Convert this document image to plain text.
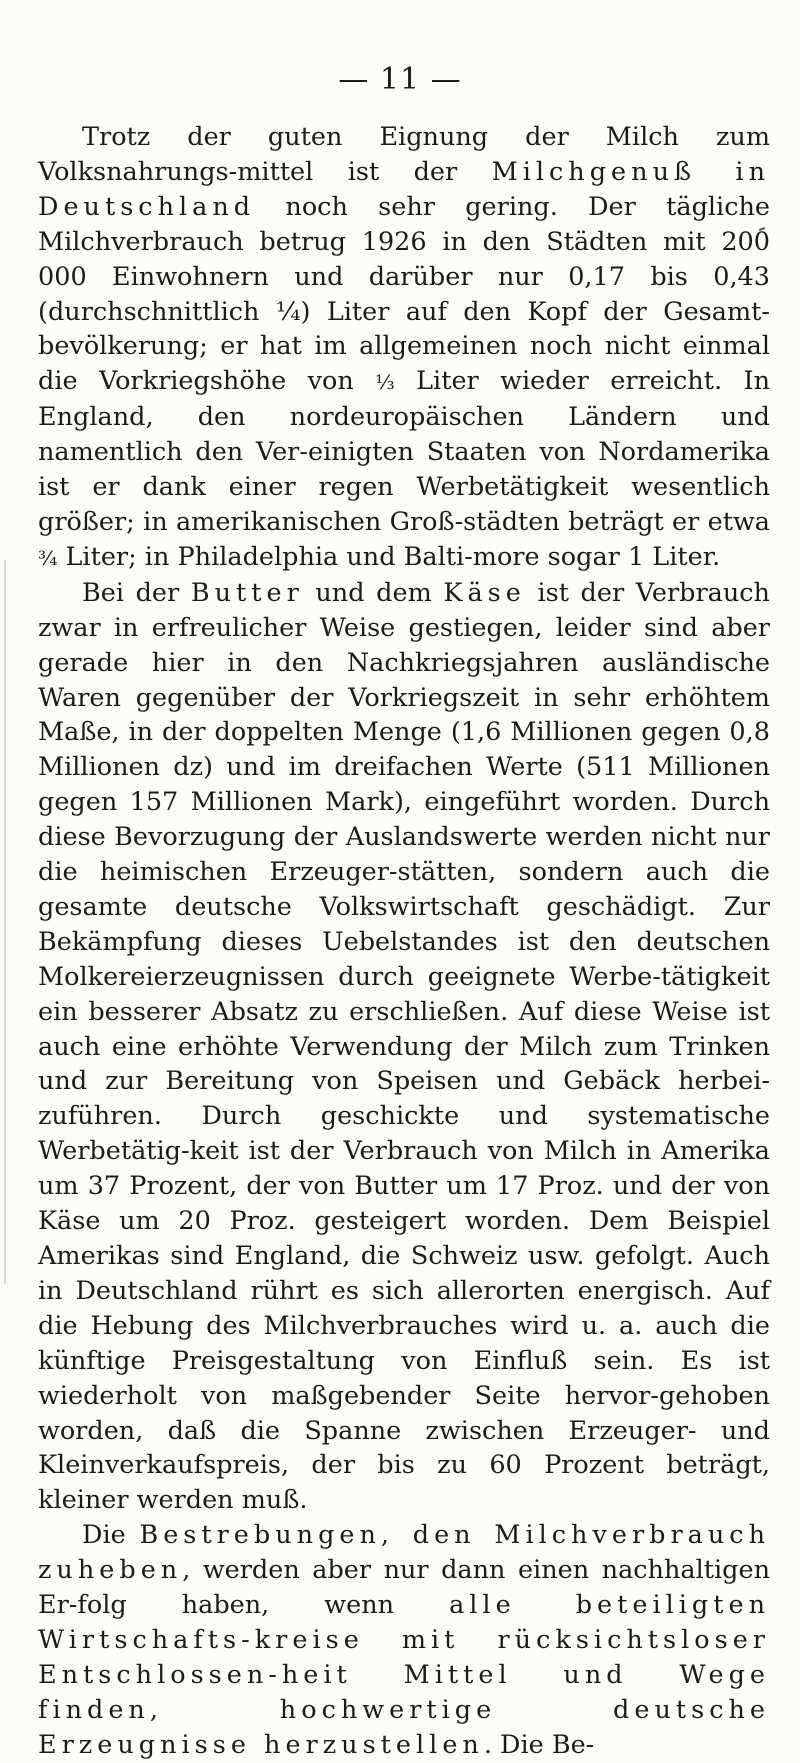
— 11 —

Trotz der guten Eignung der Milch zum Volksnahrungs-mittel ist der Milchgenuß in Deutschland noch sehr gering. Der tägliche Milchverbrauch betrug 1926 in den Städten mit 200 000 Einwohnern und darüber nur 0,17 bis 0,43 (durchschnittlich ¼) Liter auf den Kopf der Gesamt-bevölkerung; er hat im allgemeinen noch nicht einmal die Vorkriegshöhe von ⅓ Liter wieder erreicht. In England, den nordeuropäischen Ländern und namentlich den Ver-einigten Staaten von Nordamerika ist er dank einer regen Werbetätigkeit wesentlich größer; in amerikanischen Groß-städten beträgt er etwa ¾ Liter; in Philadelphia und Balti-more sogar 1 Liter.

Bei der Butter und dem Käse ist der Verbrauch zwar in erfreulicher Weise gestiegen, leider sind aber gerade hier in den Nachkriegsjahren ausländische Waren gegenüber der Vorkriegszeit in sehr erhöhtem Maße, in der doppelten Menge (1,6 Millionen gegen 0,8 Millionen dz) und im dreifachen Werte (511 Millionen gegen 157 Millionen Mark), eingeführt worden. Durch diese Bevorzugung der Auslandswerte werden nicht nur die heimischen Erzeuger-stätten, sondern auch die gesamte deutsche Volkswirtschaft geschädigt. Zur Bekämpfung dieses Uebelstandes ist den deutschen Molkereierzeugnissen durch geeignete Werbe-tätigkeit ein besserer Absatz zu erschließen. Auf diese Weise ist auch eine erhöhte Verwendung der Milch zum Trinken und zur Bereitung von Speisen und Gebäck herbei-zuführen. Durch geschickte und systematische Werbetätig-keit ist der Verbrauch von Milch in Amerika um 37 Prozent, der von Butter um 17 Proz. und der von Käse um 20 Proz. gesteigert worden. Dem Beispiel Amerikas sind England, die Schweiz usw. gefolgt. Auch in Deutschland rührt es sich allerorten energisch. Auf die Hebung des Milchverbrauches wird u. a. auch die künftige Preisgestaltung von Einfluß sein. Es ist wiederholt von maßgebender Seite hervor-gehoben worden, daß die Spanne zwischen Erzeuger- und Kleinverkaufspreis, der bis zu 60 Prozent beträgt, kleiner werden muß.

Die Bestrebungen, den Milchverbrauch zuheben, werden aber nur dann einen nachhaltigen Er-folg haben, wenn alle beteiligten Wirtschafts-kreise mit rücksichtsloser Entschlossen-heit Mittel und Wege finden, hochwertige deutsche Erzeugnisse herzustellen. Die Be-
